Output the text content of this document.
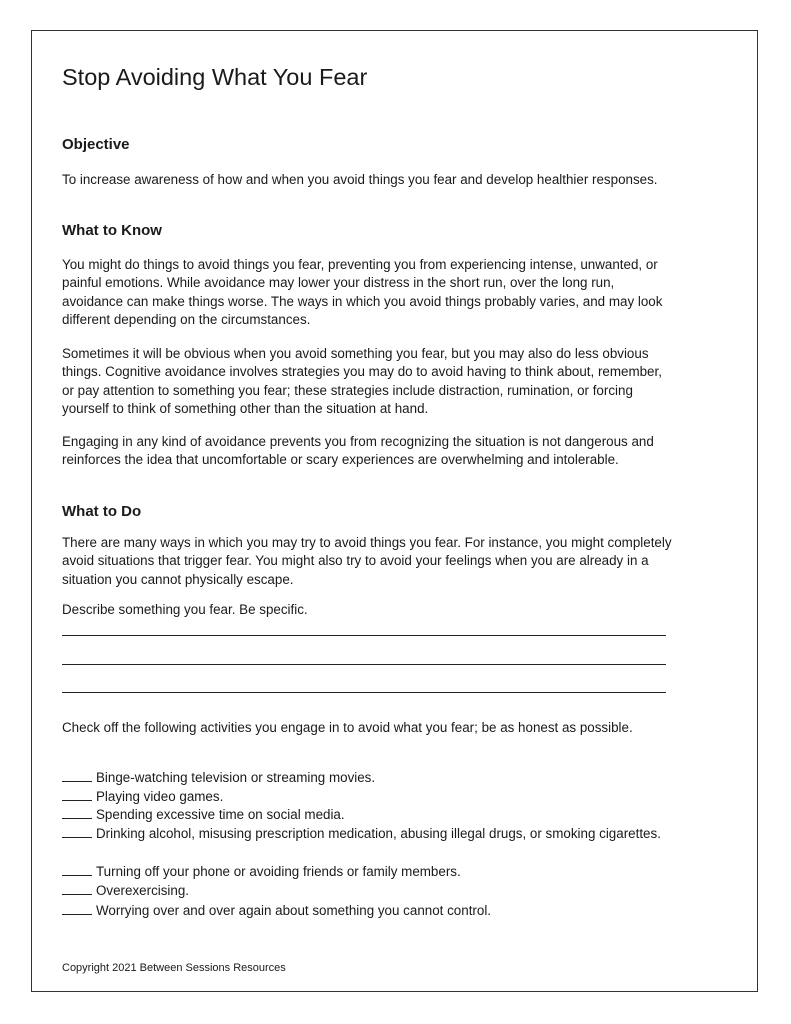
Stop Avoiding What You Fear
Objective

To increase awareness of how and when you avoid things you fear and develop healthier responses.

What to Know

You might do things to avoid things you fear, preventing you from experiencing intense, unwanted, or painful emotions. While avoidance may lower your distress in the short run, over the long run, avoidance can make things worse. The ways in which you avoid things probably varies, and may look different depending on the circumstances.

Sometimes it will be obvious when you avoid something you fear, but you may also do less obvious things. Cognitive avoidance involves strategies you may do to avoid having to think about, remember, or pay attention to something you fear; these strategies include distraction, rumination, or forcing yourself to think of something other than the situation at hand.

Engaging in any kind of avoidance prevents you from recognizing the situation is not dangerous and reinforces the idea that uncomfortable or scary experiences are overwhelming and intolerable.

What to Do

There are many ways in which you may try to avoid things you fear. For instance, you might completely avoid situations that trigger fear. You might also try to avoid your feelings when you are already in a situation you cannot physically escape.

Describe something you fear. Be specific.

Check off the following activities you engage in to avoid what you fear; be as honest as possible.

Binge-watching television or streaming movies.
Playing video games.
Spending excessive time on social media.
Drinking alcohol, misusing prescription medication, abusing illegal drugs, or smoking cigarettes.
Turning off your phone or avoiding friends or family members.
Overexercising.
Worrying over and over again about something you cannot control.

Copyright 2021 Between Sessions Resources
